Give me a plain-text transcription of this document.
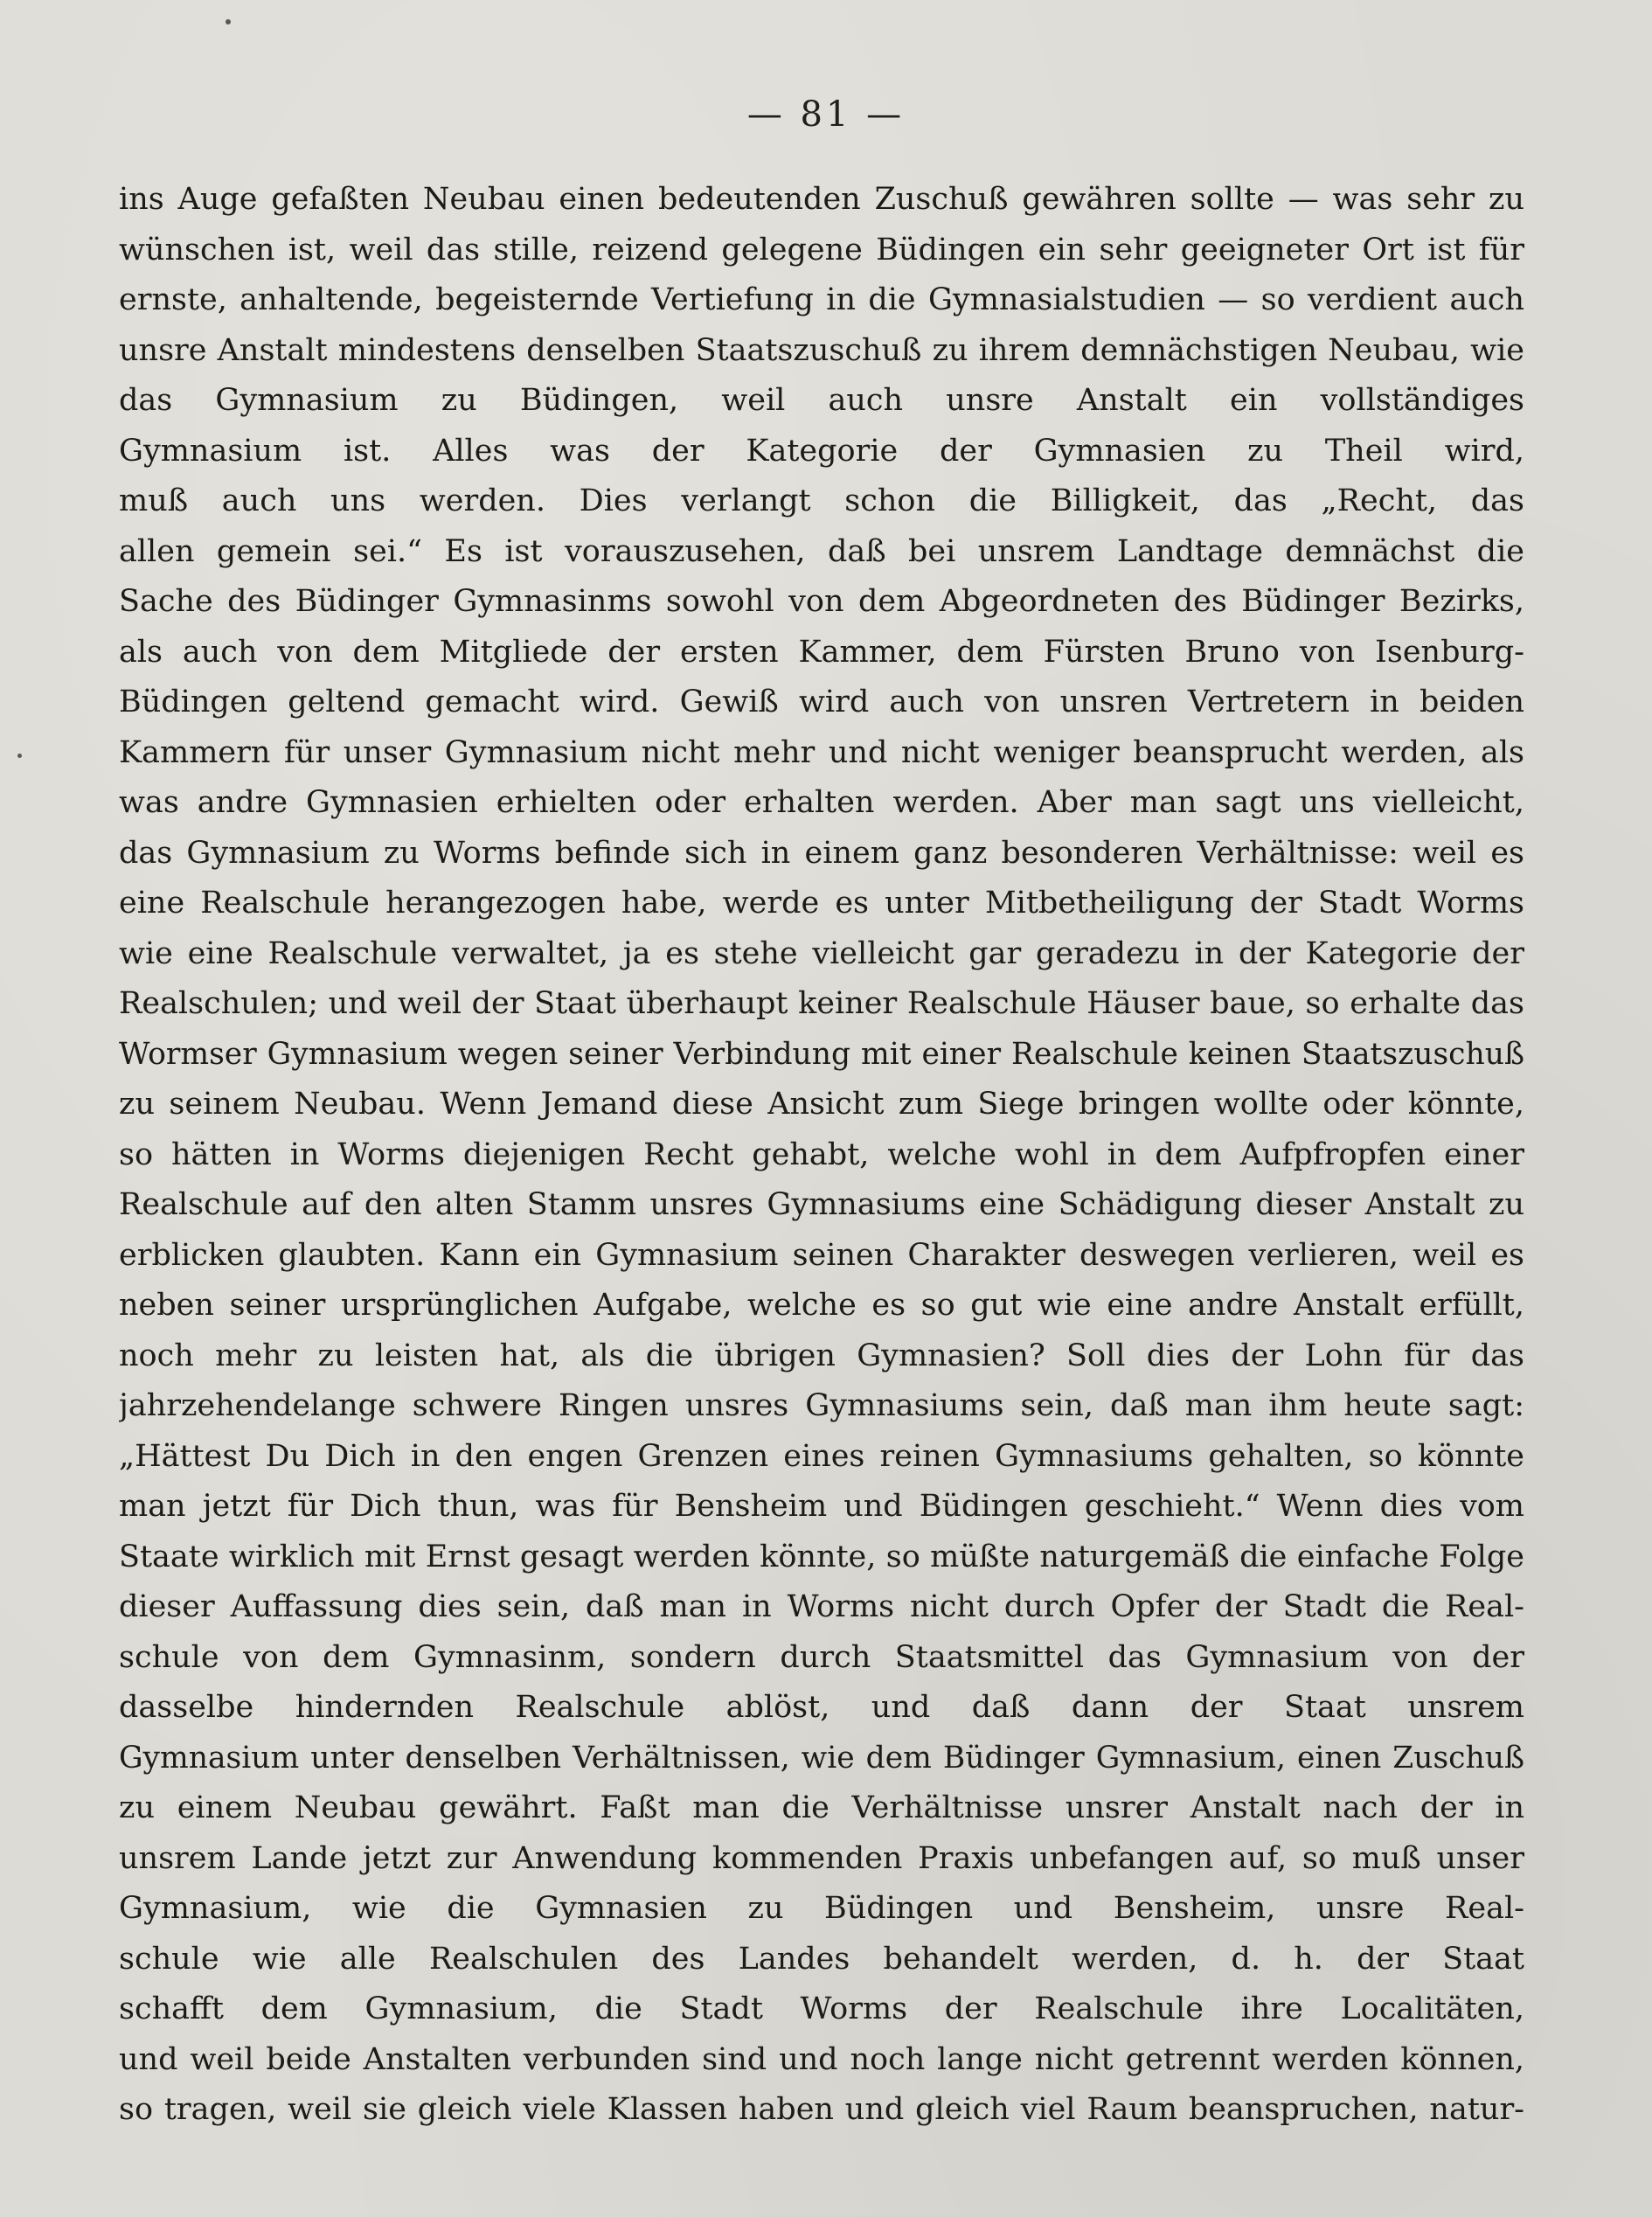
— 81 —
ins Auge gefaßten Neubau einen bedeutenden Zuschuß gewähren sollte — was sehr zu
wünschen ist, weil das stille, reizend gelegene Büdingen ein sehr geeigneter Ort ist für
ernste, anhaltende, begeisternde Vertiefung in die Gymnasialstudien — so verdient auch
unsre Anstalt mindestens denselben Staatszuschuß zu ihrem demnächstigen Neubau, wie
das Gymnasium zu Büdingen, weil auch unsre Anstalt ein vollständiges
Gymnasium ist. Alles was der Kategorie der Gymnasien zu Theil wird,
muß auch uns werden. Dies verlangt schon die Billigkeit, das „Recht, das
allen gemein sei.“ Es ist vorauszusehen, daß bei unsrem Landtage demnächst die
Sache des Büdinger Gymnasinms sowohl von dem Abgeordneten des Büdinger Bezirks,
als auch von dem Mitgliede der ersten Kammer, dem Fürsten Bruno von Isenburg-
Büdingen geltend gemacht wird. Gewiß wird auch von unsren Vertretern in beiden
Kammern für unser Gymnasium nicht mehr und nicht weniger beansprucht werden, als
was andre Gymnasien erhielten oder erhalten werden. Aber man sagt uns vielleicht,
das Gymnasium zu Worms befinde sich in einem ganz besonderen Verhältnisse: weil es
eine Realschule herangezogen habe, werde es unter Mitbetheiligung der Stadt Worms
wie eine Realschule verwaltet, ja es stehe vielleicht gar geradezu in der Kategorie der
Realschulen; und weil der Staat überhaupt keiner Realschule Häuser baue, so erhalte das
Wormser Gymnasium wegen seiner Verbindung mit einer Realschule keinen Staatszuschuß
zu seinem Neubau. Wenn Jemand diese Ansicht zum Siege bringen wollte oder könnte,
so hätten in Worms diejenigen Recht gehabt, welche wohl in dem Aufpfropfen einer
Realschule auf den alten Stamm unsres Gymnasiums eine Schädigung dieser Anstalt zu
erblicken glaubten. Kann ein Gymnasium seinen Charakter deswegen verlieren, weil es
neben seiner ursprünglichen Aufgabe, welche es so gut wie eine andre Anstalt erfüllt,
noch mehr zu leisten hat, als die übrigen Gymnasien? Soll dies der Lohn für das
jahrzehendelange schwere Ringen unsres Gymnasiums sein, daß man ihm heute sagt:
„Hättest Du Dich in den engen Grenzen eines reinen Gymnasiums gehalten, so könnte
man jetzt für Dich thun, was für Bensheim und Büdingen geschieht.“ Wenn dies vom
Staate wirklich mit Ernst gesagt werden könnte, so müßte naturgemäß die einfache Folge
dieser Auffassung dies sein, daß man in Worms nicht durch Opfer der Stadt die Real-
schule von dem Gymnasinm, sondern durch Staatsmittel das Gymnasium von der
dasselbe hindernden Realschule ablöst, und daß dann der Staat unsrem
Gymnasium unter denselben Verhältnissen, wie dem Büdinger Gymnasium, einen Zuschuß
zu einem Neubau gewährt. Faßt man die Verhältnisse unsrer Anstalt nach der in
unsrem Lande jetzt zur Anwendung kommenden Praxis unbefangen auf, so muß unser
Gymnasium, wie die Gymnasien zu Büdingen und Bensheim, unsre Real-
schule wie alle Realschulen des Landes behandelt werden, d. h. der Staat
schafft dem Gymnasium, die Stadt Worms der Realschule ihre Localitäten,
und weil beide Anstalten verbunden sind und noch lange nicht getrennt werden können,
so tragen, weil sie gleich viele Klassen haben und gleich viel Raum beanspruchen, natur-
